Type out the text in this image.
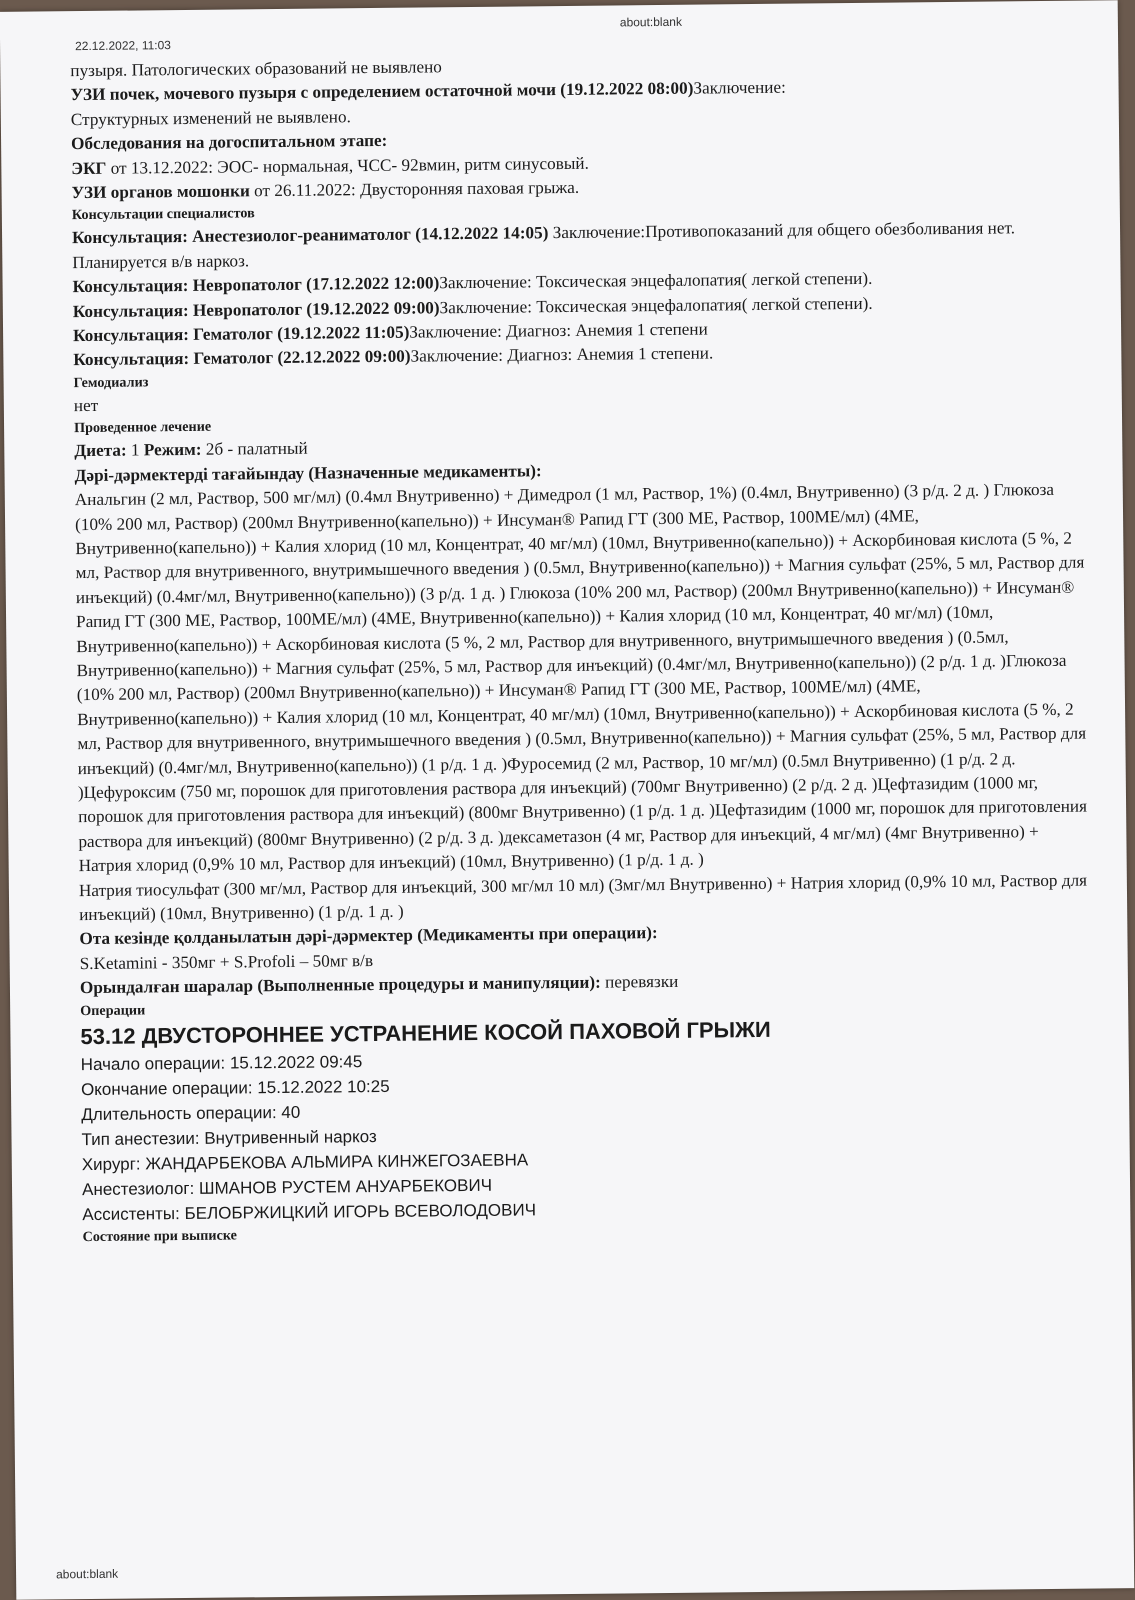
22.12.2022, 11:03
about:blank

пузыря. Патологических образований не выявлено

УЗИ почек, мочевого пузыря с определением остаточной мочи (19.12.2022 08:00)Заключение:

Структурных изменений не выявлено.

Обследования на догоспитальном этапе:

ЭКГ от 13.12.2022: ЭОС- нормальная, ЧСС- 92вмин, ритм синусовый.

УЗИ органов мошонки от 26.11.2022: Двусторонняя паховая грыжа.

Консультации специалистов

Консультация: Анестезиолог-реаниматолог (14.12.2022 14:05) Заключение:Противопоказаний для общего обезболивания нет. Планируется в/в наркоз.

Консультация: Невропатолог (17.12.2022 12:00)Заключение: Токсическая энцефалопатия( легкой степени).

Консультация: Невропатолог (19.12.2022 09:00)Заключение: Токсическая энцефалопатия( легкой степени).

Консультация: Гематолог (19.12.2022 11:05)Заключение: Диагноз: Анемия 1 степени

Консультация: Гематолог (22.12.2022 09:00)Заключение: Диагноз: Анемия 1 степени.

Гемодиализ

нет

Проведенное лечение

Диета: 1 Режим: 2б - палатный

Дәрі-дәрмектерді тағайындау (Назначенные медикаменты):

Анальгин (2 мл, Раствор, 500 мг/мл) (0.4мл Внутривенно) + Димедрол (1 мл, Раствор, 1%) (0.4мл, Внутривенно) (3 р/д. 2 д. ) Глюкоза (10% 200 мл, Раствор) (200мл Внутривенно(капельно)) + Инсуман® Рапид ГТ (300 МЕ, Раствор, 100МЕ/мл) (4МЕ, Внутривенно(капельно)) + Калия хлорид (10 мл, Концентрат, 40 мг/мл) (10мл, Внутривенно(капельно)) + Аскорбиновая кислота (5 %, 2 мл, Раствор для внутривенного, внутримышечного введения ) (0.5мл, Внутривенно(капельно)) + Магния сульфат (25%, 5 мл, Раствор для инъекций) (0.4мг/мл, Внутривенно(капельно)) (3 р/д. 1 д. ) Глюкоза (10% 200 мл, Раствор) (200мл Внутривенно(капельно)) + Инсуман® Рапид ГТ (300 МЕ, Раствор, 100МЕ/мл) (4МЕ, Внутривенно(капельно)) + Калия хлорид (10 мл, Концентрат, 40 мг/мл) (10мл, Внутривенно(капельно)) + Аскорбиновая кислота (5 %, 2 мл, Раствор для внутривенного, внутримышечного введения ) (0.5мл, Внутривенно(капельно)) + Магния сульфат (25%, 5 мл, Раствор для инъекций) (0.4мг/мл, Внутривенно(капельно)) (2 р/д. 1 д. )Глюкоза (10% 200 мл, Раствор) (200мл Внутривенно(капельно)) + Инсуман® Рапид ГТ (300 МЕ, Раствор, 100МЕ/мл) (4МЕ, Внутривенно(капельно)) + Калия хлорид (10 мл, Концентрат, 40 мг/мл) (10мл, Внутривенно(капельно)) + Аскорбиновая кислота (5 %, 2 мл, Раствор для внутривенного, внутримышечного введения ) (0.5мл, Внутривенно(капельно)) + Магния сульфат (25%, 5 мл, Раствор для инъекций) (0.4мг/мл, Внутривенно(капельно)) (1 р/д. 1 д. )Фуросемид (2 мл, Раствор, 10 мг/мл) (0.5мл Внутривенно) (1 р/д. 2 д. )Цефуроксим (750 мг, порошок для приготовления раствора для инъекций) (700мг Внутривенно) (2 р/д. 2 д. )Цефтазидим (1000 мг, порошок для приготовления раствора для инъекций) (800мг Внутривенно) (1 р/д. 1 д. )Цефтазидим (1000 мг, порошок для приготовления раствора для инъекций) (800мг Внутривенно) (2 р/д. 3 д. )дексаметазон (4 мг, Раствор для инъекций, 4 мг/мл) (4мг Внутривенно) + Натрия хлорид (0,9% 10 мл, Раствор для инъекций) (10мл, Внутривенно) (1 р/д. 1 д. )

Натрия тиосульфат (300 мг/мл, Раствор для инъекций, 300 мг/мл 10 мл) (3мг/мл Внутривенно) + Натрия хлорид (0,9% 10 мл, Раствор для инъекций) (10мл, Внутривенно) (1 р/д. 1 д. )

Ота кезінде қолданылатын дәрі-дәрмектер (Медикаменты при операции):

S.Ketamini - 350мг + S.Profoli – 50мг в/в

Орындалған шаралар (Выполненные процедуры и манипуляции): перевязки

Операции

53.12 ДВУСТОРОННЕЕ УСТРАНЕНИЕ КОСОЙ ПАХОВОЙ ГРЫЖИ

Начало операции: 15.12.2022 09:45

Окончание операции: 15.12.2022 10:25

Длительность операции: 40

Тип анестезии: Внутривенный наркоз

Хирург: ЖАНДАРБЕКОВА АЛЬМИРА КИНЖЕГОЗАЕВНА

Анестезиолог: ШМАНОВ РУСТЕМ АНУАРБЕКОВИЧ

Ассистенты: БЕЛОБРЖИЦКИЙ ИГОРЬ ВСЕВОЛОДОВИЧ

Состояние при выписке

about:blank
